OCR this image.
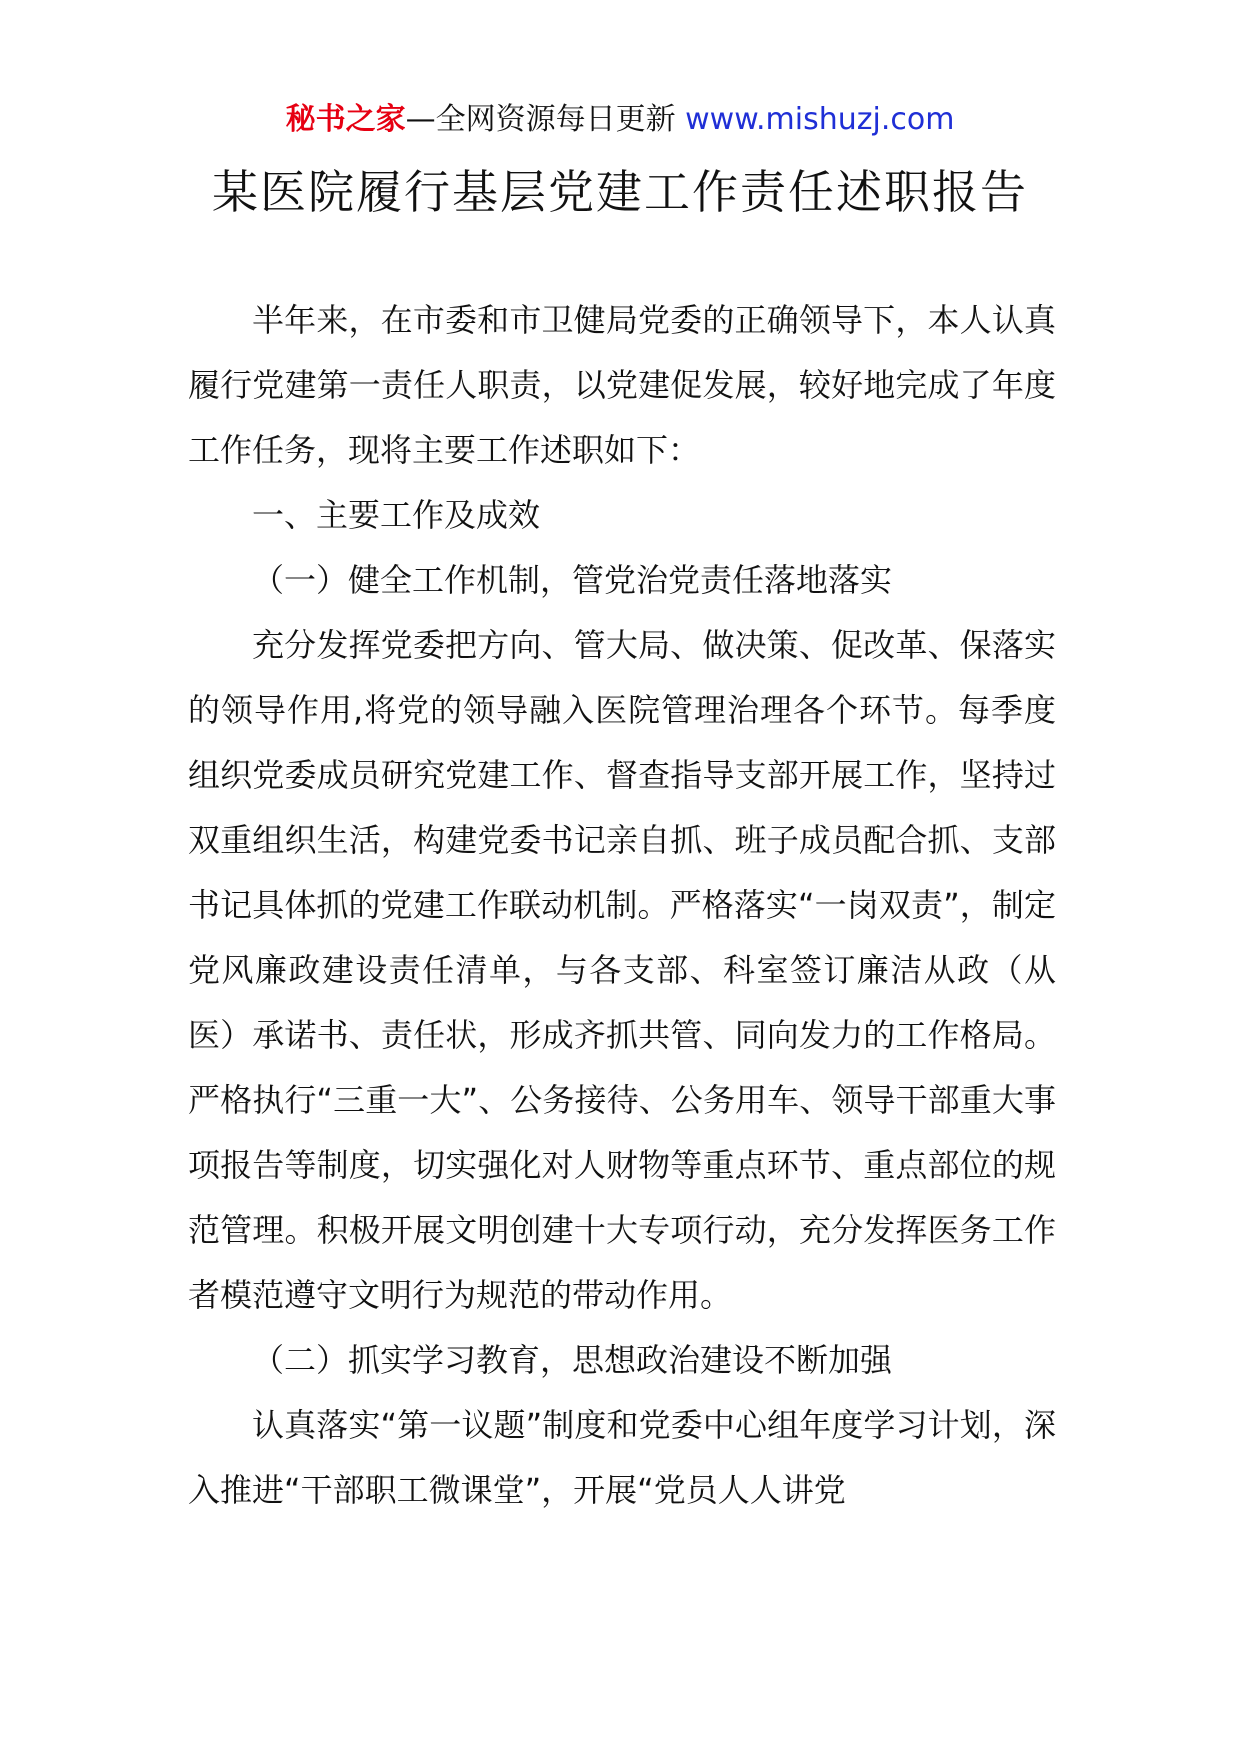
秘书之家—全网资源每日更新 www.mishuzj.com
某医院履行基层党建工作责任述职报告

半年来，在市委和市卫健局党委的正确领导下，本人认真履行党建第一责任人职责，以党建促发展，较好地完成了年度工作任务，现将主要工作述职如下：

一、主要工作及成效

（一）健全工作机制，管党治党责任落地落实

充分发挥党委把方向、管大局、做决策、促改革、保落实的领导作用,将党的领导融入医院管理治理各个环节。每季度组织党委成员研究党建工作、督查指导支部开展工作，坚持过双重组织生活，构建党委书记亲自抓、班子成员配合抓、支部书记具体抓的党建工作联动机制。严格落实“一岗双责”，制定党风廉政建设责任清单，与各支部、科室签订廉洁从政（从医）承诺书、责任状，形成齐抓共管、同向发力的工作格局。严格执行“三重一大”、公务接待、公务用车、领导干部重大事项报告等制度，切实强化对人财物等重点环节、重点部位的规范管理。积极开展文明创建十大专项行动，充分发挥医务工作者模范遵守文明行为规范的带动作用。

（二）抓实学习教育，思想政治建设不断加强

认真落实“第一议题”制度和党委中心组年度学习计划，深入推进“干部职工微课堂”，开展“党员人人讲党
